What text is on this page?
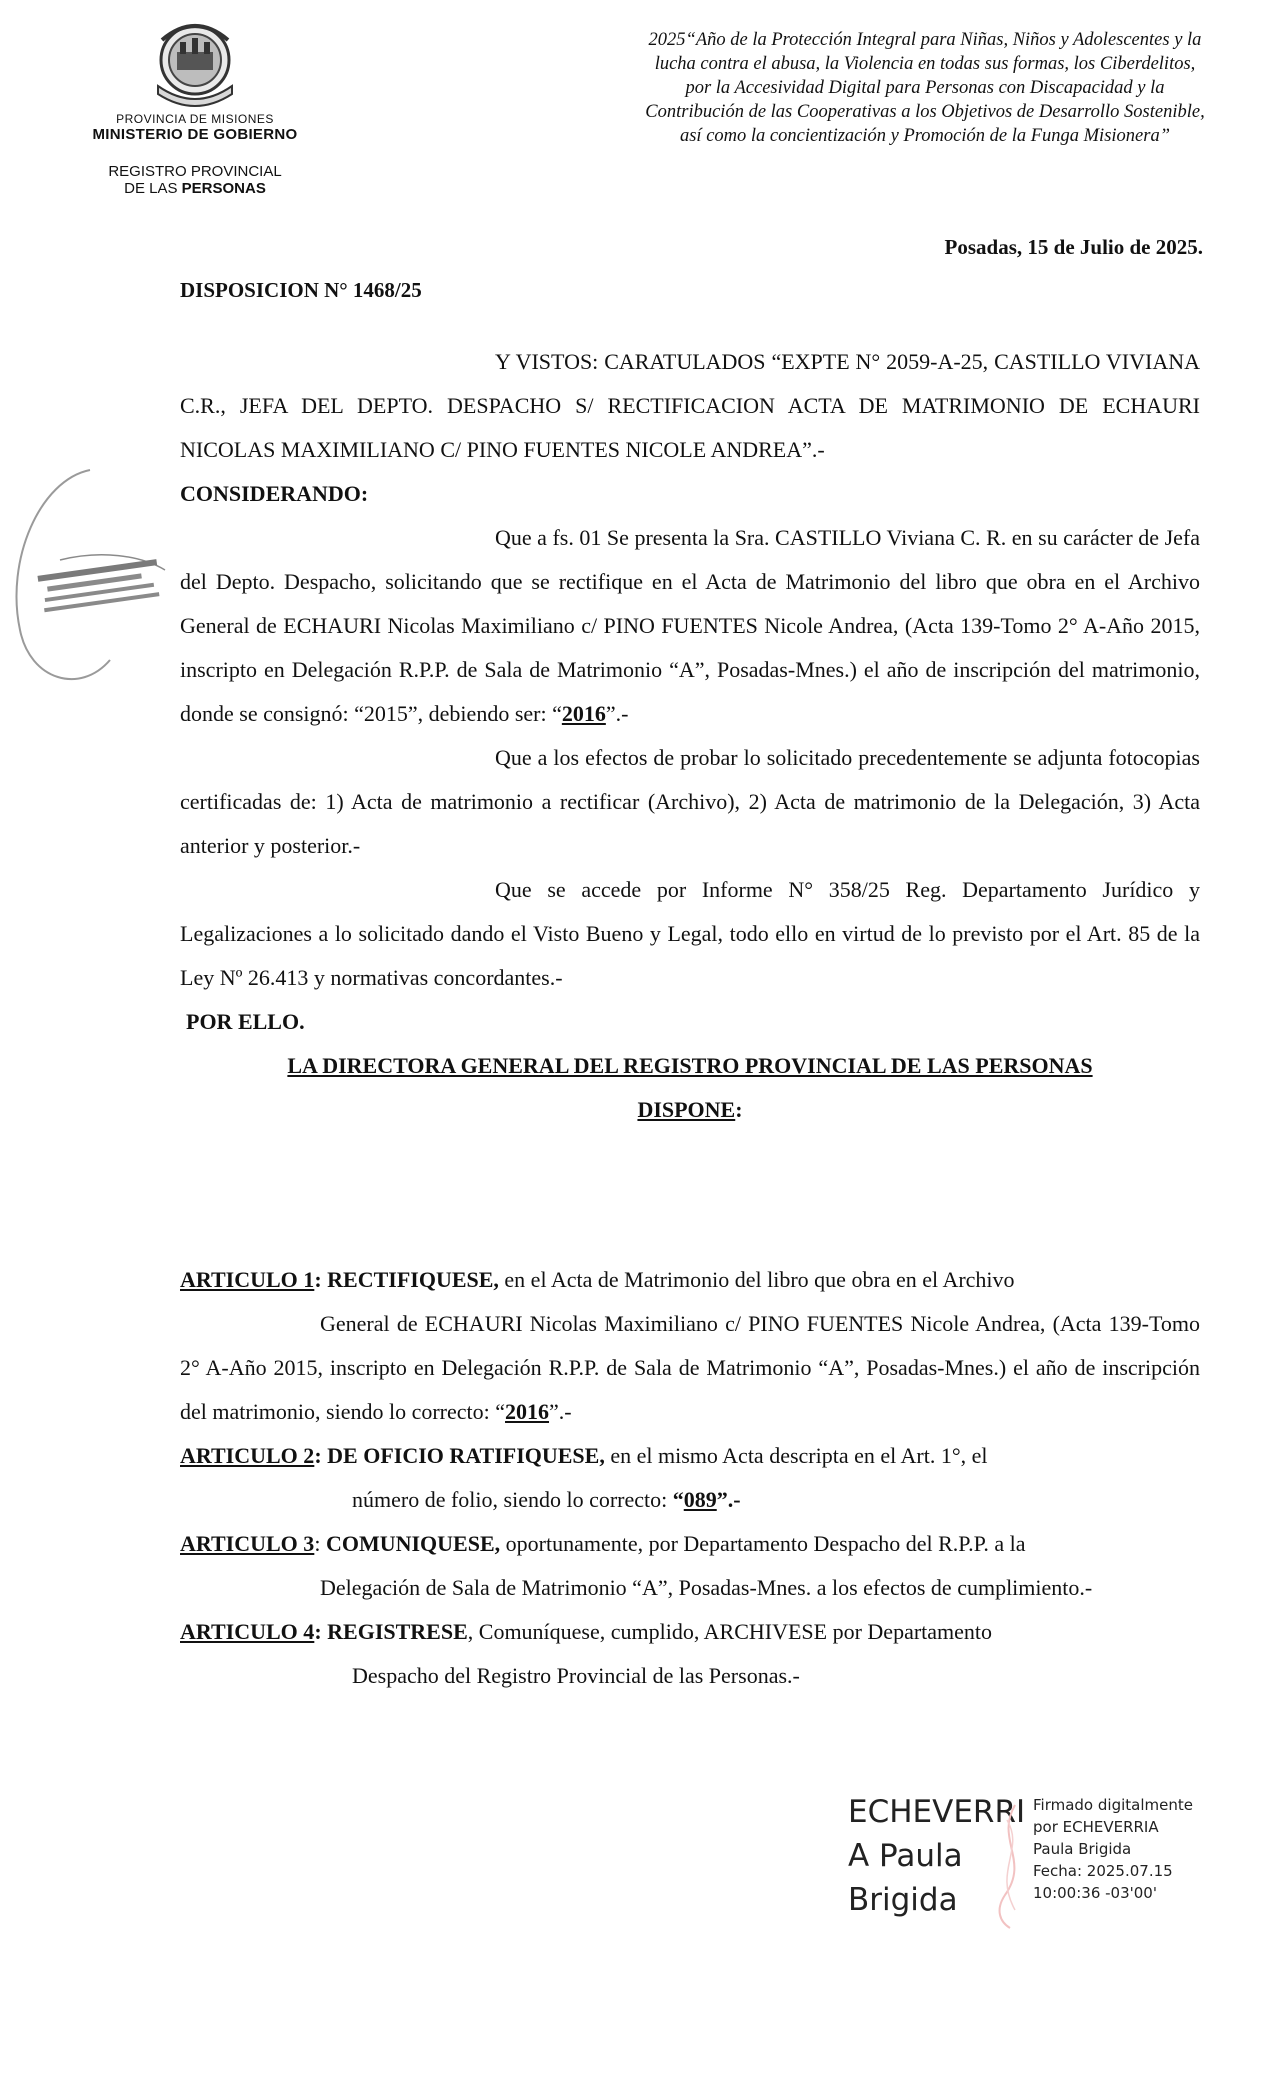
PROVINCIA DE MISIONES
MINISTERIO DE GOBIERNO
REGISTRO PROVINCIAL
DE LAS PERSONAS
2025“Año de la Protección Integral para Niñas, Niños y Adolescentes y la lucha contra el abusa, la Violencia en todas sus formas, los Ciberdelitos, por la Accesividad Digital para Personas con Discapacidad y la Contribución de las Cooperativas a los Objetivos de Desarrollo Sostenible, así como la concientización y Promoción de la Funga Misionera”
Posadas, 15 de Julio de 2025.
DISPOSICION N° 1468/25

Y VISTOS: CARATULADOS “EXPTE N° 2059-A-25, CASTILLO VIVIANA C.R., JEFA DEL DEPTO. DESPACHO S/ RECTIFICACION ACTA DE MATRIMONIO DE ECHAURI NICOLAS MAXIMILIANO C/ PINO FUENTES NICOLE ANDREA”.-

CONSIDERANDO:

Que a fs. 01 Se presenta la Sra. CASTILLO Viviana C. R. en su carácter de Jefa del Depto. Despacho, solicitando que se rectifique en el Acta de Matrimonio del libro que obra en el Archivo General de ECHAURI Nicolas Maximiliano c/ PINO FUENTES Nicole Andrea, (Acta 139-Tomo 2° A-Año 2015, inscripto en Delegación R.P.P. de Sala de Matrimonio “A”, Posadas-Mnes.) el año de inscripción del matrimonio, donde se consignó: “2015”, debiendo ser: “2016”.-

Que a los efectos de probar lo solicitado precedentemente se adjunta fotocopias certificadas de: 1) Acta de matrimonio a rectificar (Archivo), 2) Acta de matrimonio de la Delegación, 3) Acta anterior y posterior.-

Que se accede por Informe N° 358/25 Reg. Departamento Jurídico y Legalizaciones a lo solicitado dando el Visto Bueno y Legal, todo ello en virtud de lo previsto por el Art. 85 de la Ley Nº 26.413 y normativas concordantes.-

POR ELLO.

LA DIRECTORA GENERAL DEL REGISTRO PROVINCIAL DE LAS PERSONAS

DISPONE:

ARTICULO 1: RECTIFIQUESE, en el Acta de Matrimonio del libro que obra en el Archivo

General de ECHAURI Nicolas Maximiliano c/ PINO FUENTES Nicole Andrea, (Acta 139-Tomo 2° A-Año 2015, inscripto en Delegación R.P.P. de Sala de Matrimonio “A”, Posadas-Mnes.) el año de inscripción del matrimonio, siendo lo correcto: “2016”.-

ARTICULO 2: DE OFICIO RATIFIQUESE, en el mismo Acta descripta en el Art. 1°, el

número de folio, siendo lo correcto: “089”.-

ARTICULO 3: COMUNIQUESE, oportunamente, por Departamento Despacho del R.P.P. a la

Delegación de Sala de Matrimonio “A”, Posadas-Mnes. a los efectos de cumplimiento.-

ARTICULO 4: REGISTRESE, Comuníquese, cumplido, ARCHIVESE por Departamento

Despacho del Registro Provincial de las Personas.-

ECHEVERRI
A Paula
Brigida
Firmado digitalmente
por ECHEVERRIA
Paula Brigida
Fecha: 2025.07.15
10:00:36 -03'00'
